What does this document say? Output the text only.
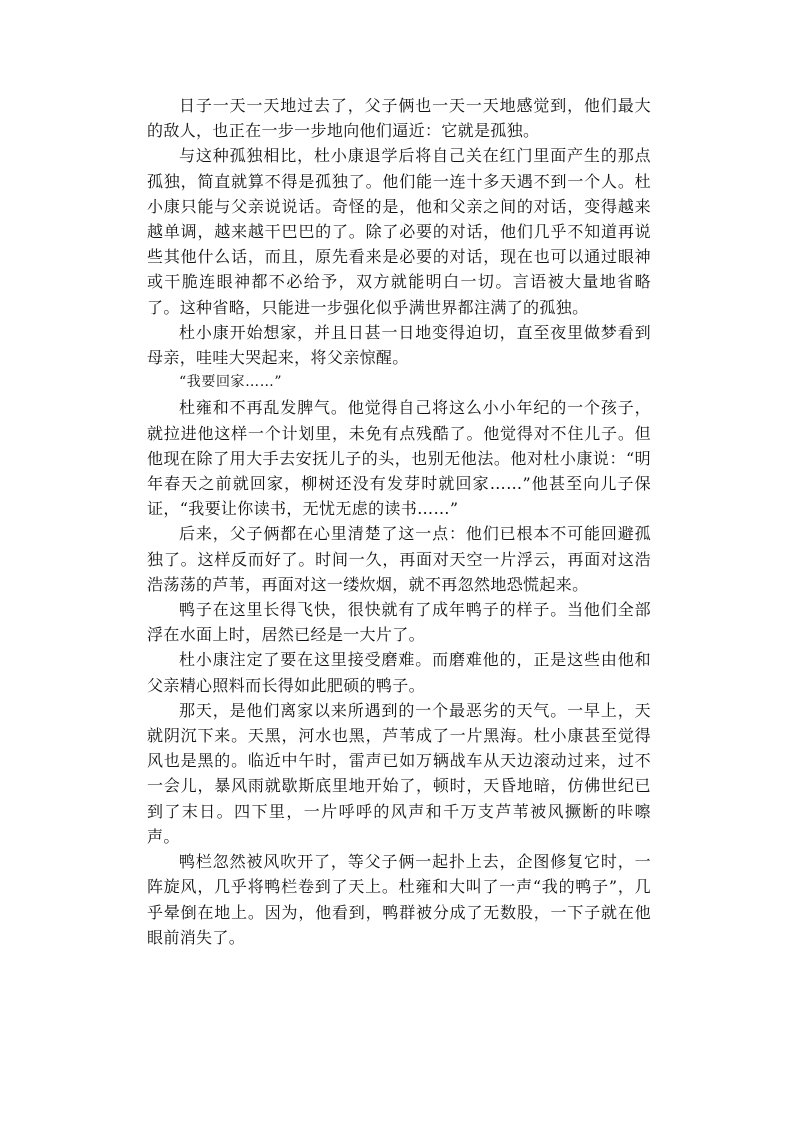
日子一天一天地过去了，父子俩也一天一天地感觉到，他们最大的敌人，也正在一步一步地向他们逼近：它就是孤独。

与这种孤独相比，杜小康退学后将自己关在红门里面产生的那点孤独，简直就算不得是孤独了。他们能一连十多天遇不到一个人。杜小康只能与父亲说说话。奇怪的是，他和父亲之间的对话，变得越来越单调，越来越干巴巴的了。除了必要的对话，他们几乎不知道再说些其他什么话，而且，原先看来是必要的对话，现在也可以通过眼神或干脆连眼神都不必给予，双方就能明白一切。言语被大量地省略了。这种省略，只能进一步强化似乎满世界都注满了的孤独。

杜小康开始想家，并且日甚一日地变得迫切，直至夜里做梦看到母亲，哇哇大哭起来，将父亲惊醒。

“我要回家……”

杜雍和不再乱发脾气。他觉得自己将这么小小年纪的一个孩子，就拉进他这样一个计划里，未免有点残酷了。他觉得对不住儿子。但他现在除了用大手去安抚儿子的头，也别无他法。他对杜小康说：“明年春天之前就回家，柳树还没有发芽时就回家……”他甚至向儿子保证，“我要让你读书，无忧无虑的读书……”

后来，父子俩都在心里清楚了这一点：他们已根本不可能回避孤独了。这样反而好了。时间一久，再面对天空一片浮云，再面对这浩浩荡荡的芦苇，再面对这一缕炊烟，就不再忽然地恐慌起来。

鸭子在这里长得飞快，很快就有了成年鸭子的样子。当他们全部浮在水面上时，居然已经是一大片了。

杜小康注定了要在这里接受磨难。而磨难他的，正是这些由他和父亲精心照料而长得如此肥硕的鸭子。

那天，是他们离家以来所遇到的一个最恶劣的天气。一早上，天就阴沉下来。天黑，河水也黑，芦苇成了一片黑海。杜小康甚至觉得风也是黑的。临近中午时，雷声已如万辆战车从天边滚动过来，过不一会儿，暴风雨就歇斯底里地开始了，顿时，天昏地暗，仿佛世纪已到了末日。四下里，一片呼呼的风声和千万支芦苇被风撅断的咔嚓声。

鸭栏忽然被风吹开了，等父子俩一起扑上去，企图修复它时，一阵旋风，几乎将鸭栏卷到了天上。杜雍和大叫了一声“我的鸭子”，几乎晕倒在地上。因为，他看到，鸭群被分成了无数股，一下子就在他眼前消失了。
